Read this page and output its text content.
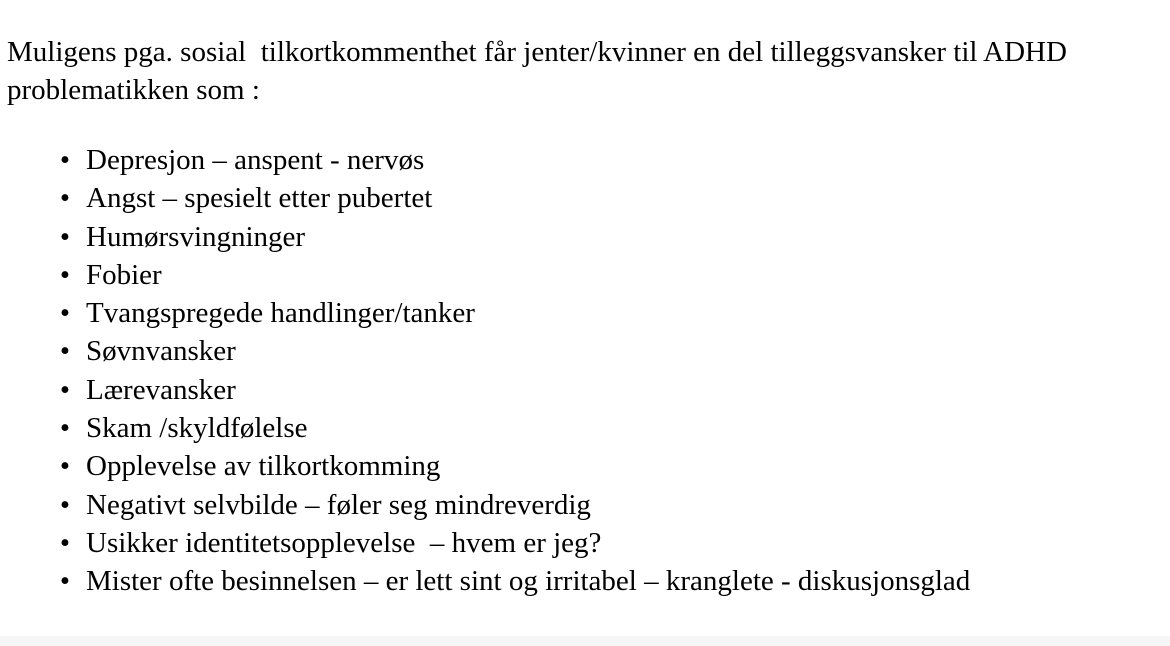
Muligens pga. sosial  tilkortkommenthet får jenter/kvinner en del tilleggsvansker til ADHD problematikken som :

• Depresjon – anspent - nervøs
• Angst – spesielt etter pubertet
• Humørsvingninger
• Fobier
• Tvangspregede handlinger/tanker
• Søvnvansker
• Lærevansker
• Skam /skyldfølelse
• Opplevelse av tilkortkomming
• Negativt selvbilde – føler seg mindreverdig
• Usikker identitetsopplevelse  – hvem er jeg?
• Mister ofte besinnelsen – er lett sint og irritabel – kranglete - diskusjonsglad
